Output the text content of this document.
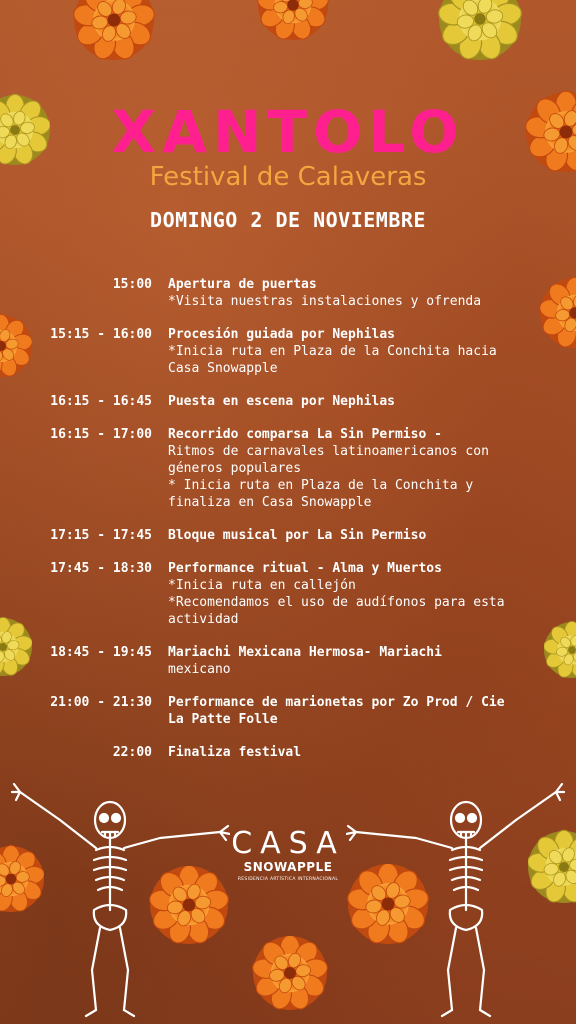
XANTOLO
Festival de Calaveras
DOMINGO 2 DE NOVIEMBRE
15:00	Apertura de puertas
*Visita nuestras instalaciones y ofrenda
15:15 - 16:00	Procesión guiada por Nephilas
*Inicia ruta en Plaza de la Conchita hacia Casa Snowapple
16:15 - 16:45	Puesta en escena por Nephilas
16:15 - 17:00	Recorrido comparsa La Sin Permiso -
Ritmos de carnavales latinoamericanos con géneros populares
* Inicia ruta en Plaza de la Conchita y finaliza en Casa Snowapple
17:15 - 17:45	Bloque musical por La Sin Permiso
17:45 - 18:30	Performance ritual - Alma y Muertos
*Inicia ruta en callejón
*Recomendamos el uso de audífonos para esta actividad
18:45 - 19:45	Mariachi Mexicana Hermosa- Mariachi
mexicano
21:00 - 21:30	Performance de marionetas por Zo Prod / Cie La Patte Folle
22:00	Finaliza festival
CASA
SNOWAPPLE
RESIDENCIA ARTÍSTICA INTERNACIONAL
